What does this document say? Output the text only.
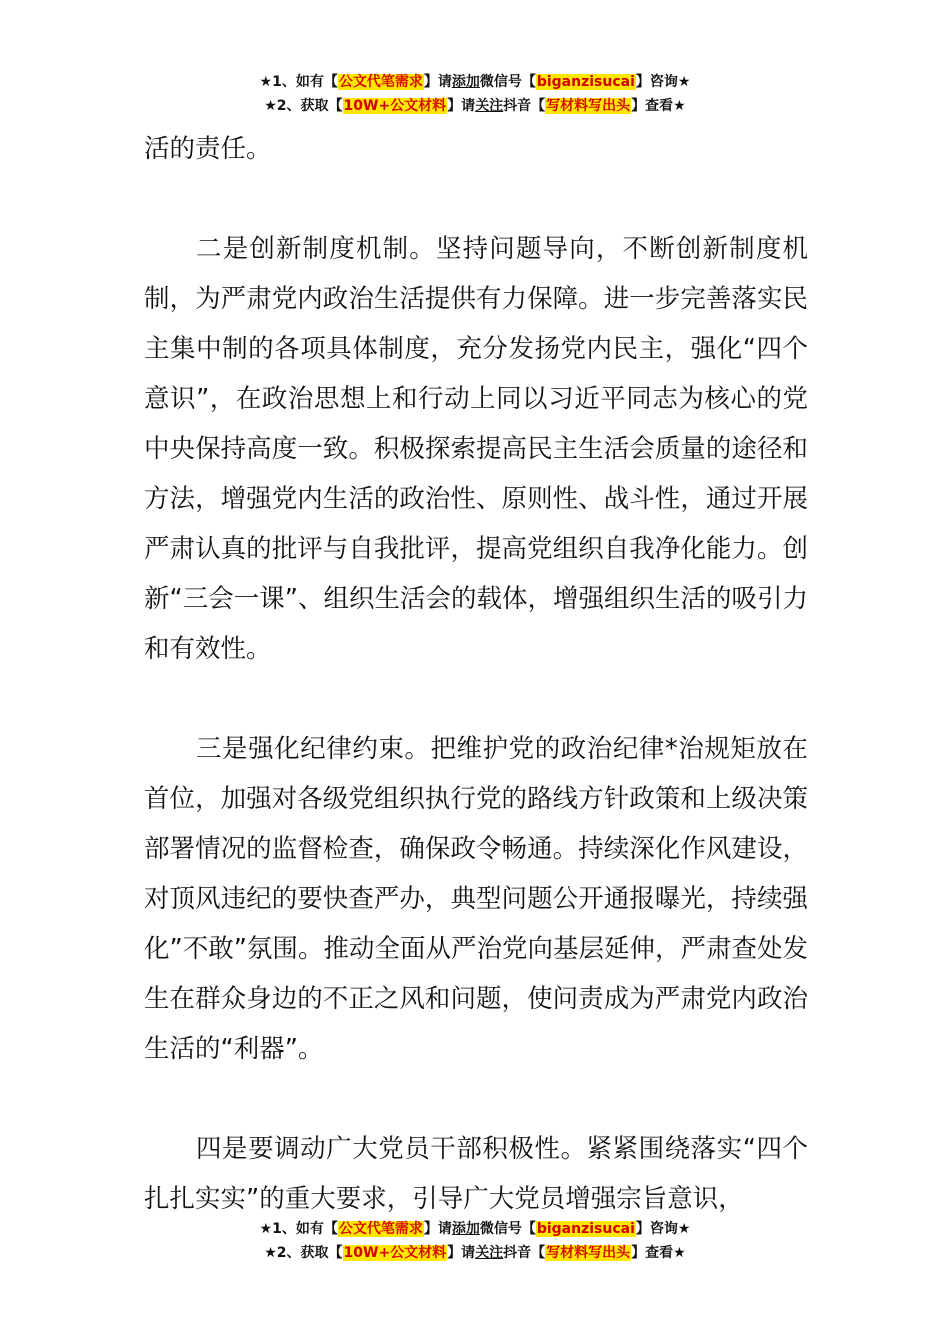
★1、如有【公文代笔需求】请添加微信号【biganzisucai】咨询★
★2、获取【10W+公文材料】请关注抖音【写材料写出头】查看★

活的责任。

二是创新制度机制。坚持问题导向，不断创新制度机制，为严肃党内政治生活提供有力保障。进一步完善落实民主集中制的各项具体制度，充分发扬党内民主，强化“四个意识”，在政治思想上和行动上同以习近平同志为核心的党中央保持高度一致。积极探索提高民主生活会质量的途径和方法，增强党内生活的政治性、原则性、战斗性，通过开展严肃认真的批评与自我批评，提高党组织自我净化能力。创新“三会一课”、组织生活会的载体，增强组织生活的吸引力和有效性。

三是强化纪律约束。把维护党的政治纪律*治规矩放在首位，加强对各级党组织执行党的路线方针政策和上级决策部署情况的监督检查，确保政令畅通。持续深化作风建设，对顶风违纪的要快查严办，典型问题公开通报曝光，持续强化”不敢”氛围。推动全面从严治党向基层延伸，严肃查处发生在群众身边的不正之风和问题，使问责成为严肃党内政治生活的“利器”。

四是要调动广大党员干部积极性。紧紧围绕落实“四个扎扎实实”的重大要求，引导广大党员增强宗旨意识，

★1、如有【公文代笔需求】请添加微信号【biganzisucai】咨询★
★2、获取【10W+公文材料】请关注抖音【写材料写出头】查看★
